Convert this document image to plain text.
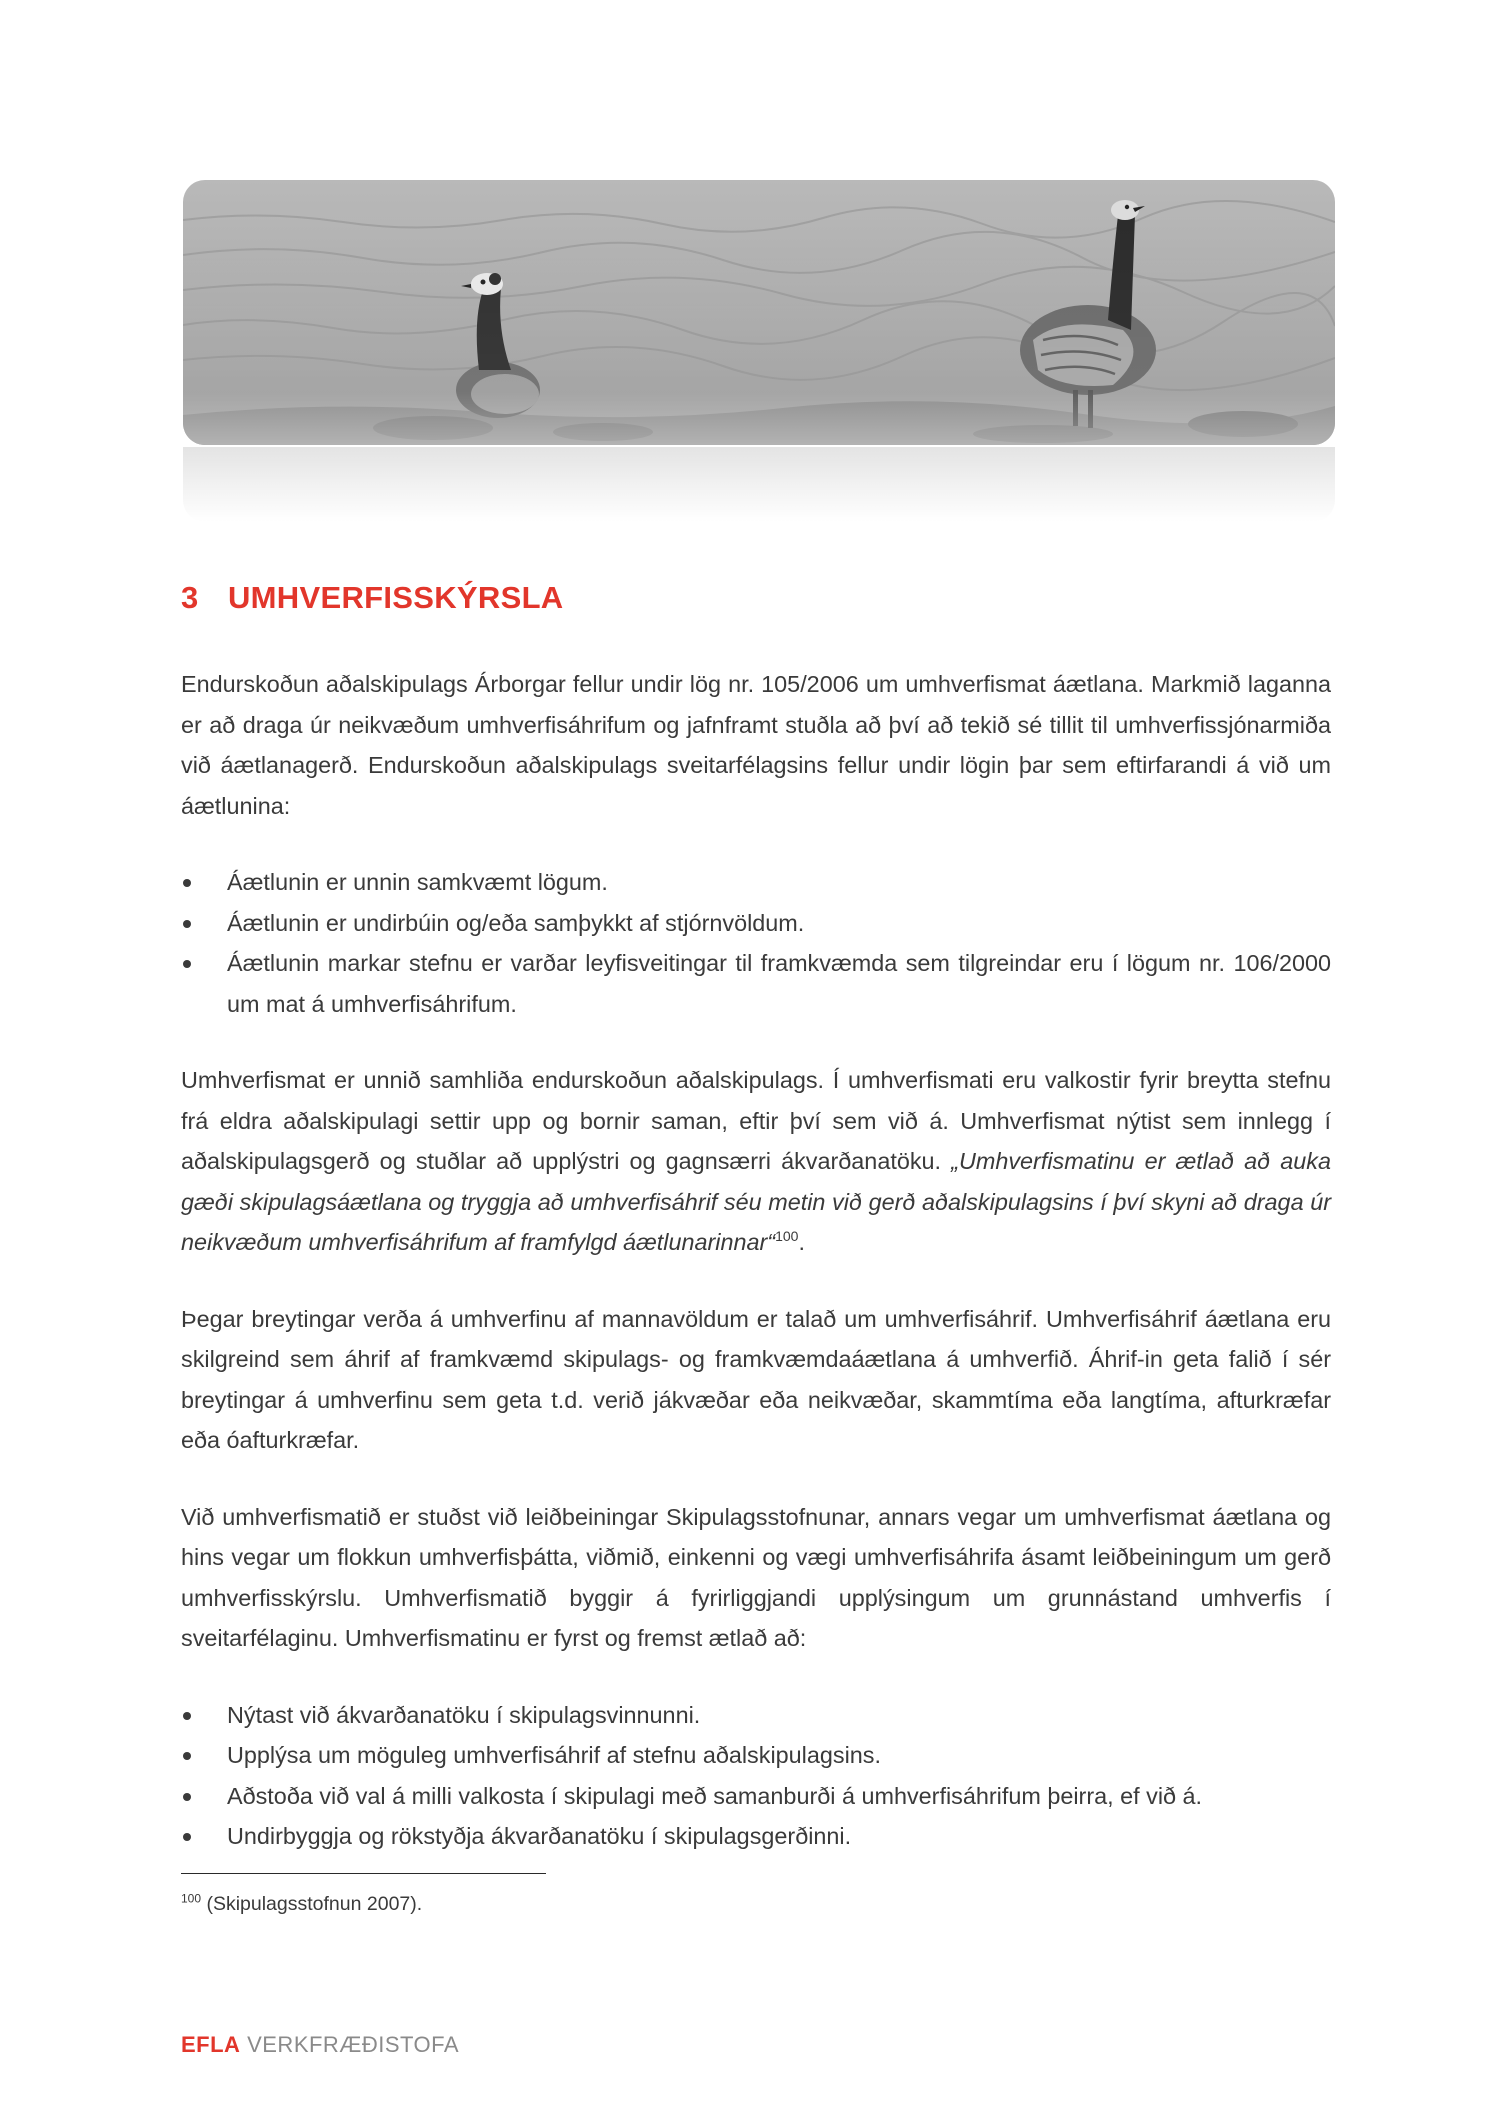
3 UMHVERFISSKÝRSLA

Endurskoðun aðalskipulags Árborgar fellur undir lög nr. 105/2006 um umhverfismat áætlana. Markmið laganna er að draga úr neikvæðum umhverfisáhrifum og jafnframt stuðla að því að tekið sé tillit til umhverfissjónarmiða við áætlanagerð. Endurskoðun aðalskipulags sveitarfélagsins fellur undir lögin þar sem eftirfarandi á við um áætlunina:

Áætlunin er unnin samkvæmt lögum.
Áætlunin er undirbúin og/eða samþykkt af stjórnvöldum.
Áætlunin markar stefnu er varðar leyfisveitingar til framkvæmda sem tilgreindar eru í lögum nr. 106/2000 um mat á umhverfisáhrifum.

Umhverfismat er unnið samhliða endurskoðun aðalskipulags. Í umhverfismati eru valkostir fyrir breytta stefnu frá eldra aðalskipulagi settir upp og bornir saman, eftir því sem við á. Umhverfismat nýtist sem innlegg í aðalskipulagsgerð og stuðlar að upplýstri og gagnsærri ákvarðanatöku. „Umhverfismatinu er ætlað að auka gæði skipulagsáætlana og tryggja að umhverfisáhrif séu metin við gerð aðalskipulagsins í því skyni að draga úr neikvæðum umhverfisáhrifum af framfylgd áætlunarinnar“$^{100}$.

Þegar breytingar verða á umhverfinu af mannavöldum er talað um umhverfisáhrif. Umhverfisáhrif áætlana eru skilgreind sem áhrif af framkvæmd skipulags- og framkvæmdaáætlana á umhverfið. Áhrif-in geta falið í sér breytingar á umhverfinu sem geta t.d. verið jákvæðar eða neikvæðar, skammtíma eða langtíma, afturkræfar eða óafturkræfar.

Við umhverfismatið er stuðst við leiðbeiningar Skipulagsstofnunar, annars vegar um umhverfismat áætlana og hins vegar um flokkun umhverfisþátta, viðmið, einkenni og vægi umhverfisáhrifa ásamt leiðbeiningum um gerð umhverfisskýrslu. Umhverfismatið byggir á fyrirliggjandi upplýsingum um grunnástand umhverfis í sveitarfélaginu. Umhverfismatinu er fyrst og fremst ætlað að:

Nýtast við ákvarðanatöku í skipulagsvinnunni.
Upplýsa um möguleg umhverfisáhrif af stefnu aðalskipulagsins.
Aðstoða við val á milli valkosta í skipulagi með samanburði á umhverfisáhrifum þeirra, ef við á.
Undirbyggja og rökstyðja ákvarðanatöku í skipulagsgerðinni.
$^{100}$ (Skipulagsstofnun 2007).
EFLA VERKFRÆÐISTOFA
